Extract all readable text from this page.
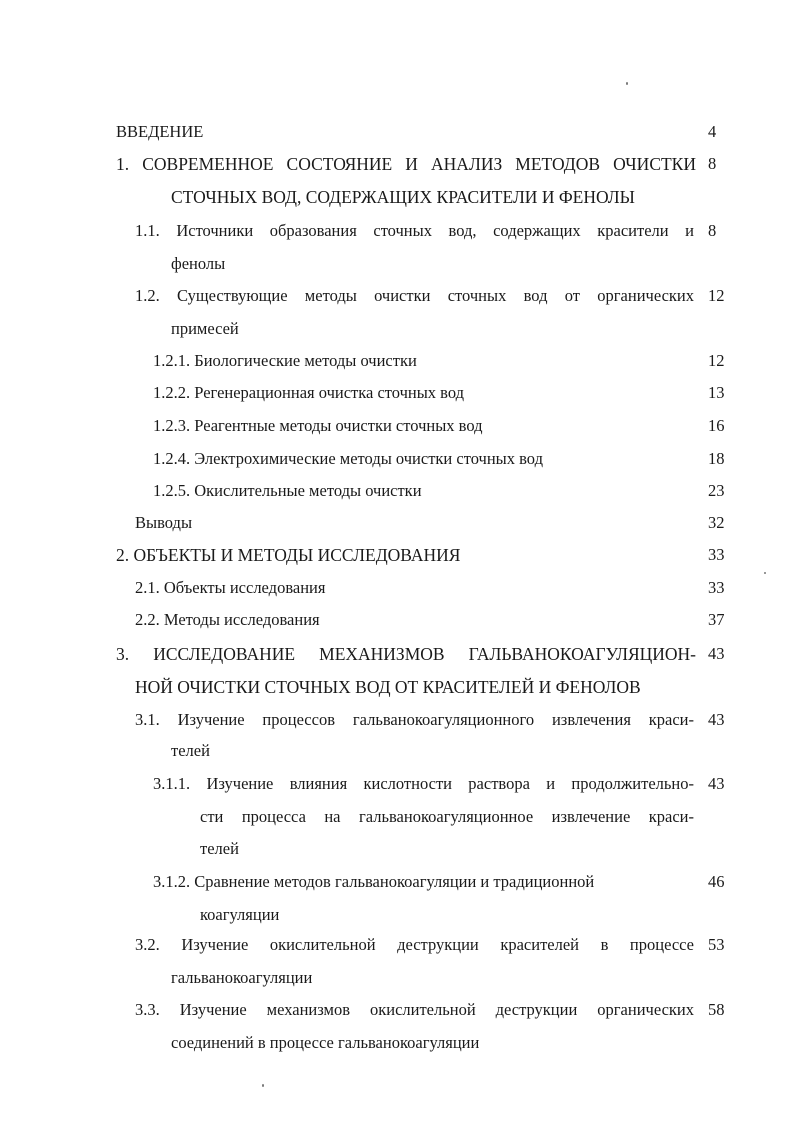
ВВЕДЕНИЕ	4
1. СОВРЕМЕННОЕ СОСТОЯНИЕ И АНАЛИЗ МЕТОДОВ ОЧИСТКИ
СТОЧНЫХ ВОД, СОДЕРЖАЩИХ КРАСИТЕЛИ И ФЕНОЛЫ
8
1.1. Источники образования сточных вод, содержащих красители и
фенолы
8
1.2. Существующие методы очистки сточных вод от органических
примесей
12
1.2.1. Биологические методы очистки	12
1.2.2. Регенерационная очистка сточных вод	13
1.2.3. Реагентные методы очистки сточных вод	16
1.2.4. Электрохимические методы очистки сточных вод	18
1.2.5. Окислительные методы очистки	23
Выводы	32
2. ОБЪЕКТЫ И МЕТОДЫ ИССЛЕДОВАНИЯ	33
2.1. Объекты исследования	33
2.2. Методы исследования	37
3. ИССЛЕДОВАНИЕ МЕХАНИЗМОВ ГАЛЬВАНОКОАГУЛЯЦИОН-
НОЙ ОЧИСТКИ СТОЧНЫХ ВОД ОТ КРАСИТЕЛЕЙ И ФЕНОЛОВ
43
3.1. Изучение процессов гальванокоагуляционного извлечения краси-
телей
43
3.1.1. Изучение влияния кислотности раствора и продолжительно-
сти процесса на гальванокоагуляционное извлечение краси-
телей
43
3.1.2. Сравнение методов гальванокоагуляции и традиционной
коагуляции
46
3.2. Изучение окислительной деструкции красителей в процессе
гальванокоагуляции
53
3.3. Изучение механизмов окислительной деструкции органических
соединений в процессе гальванокоагуляции
58
